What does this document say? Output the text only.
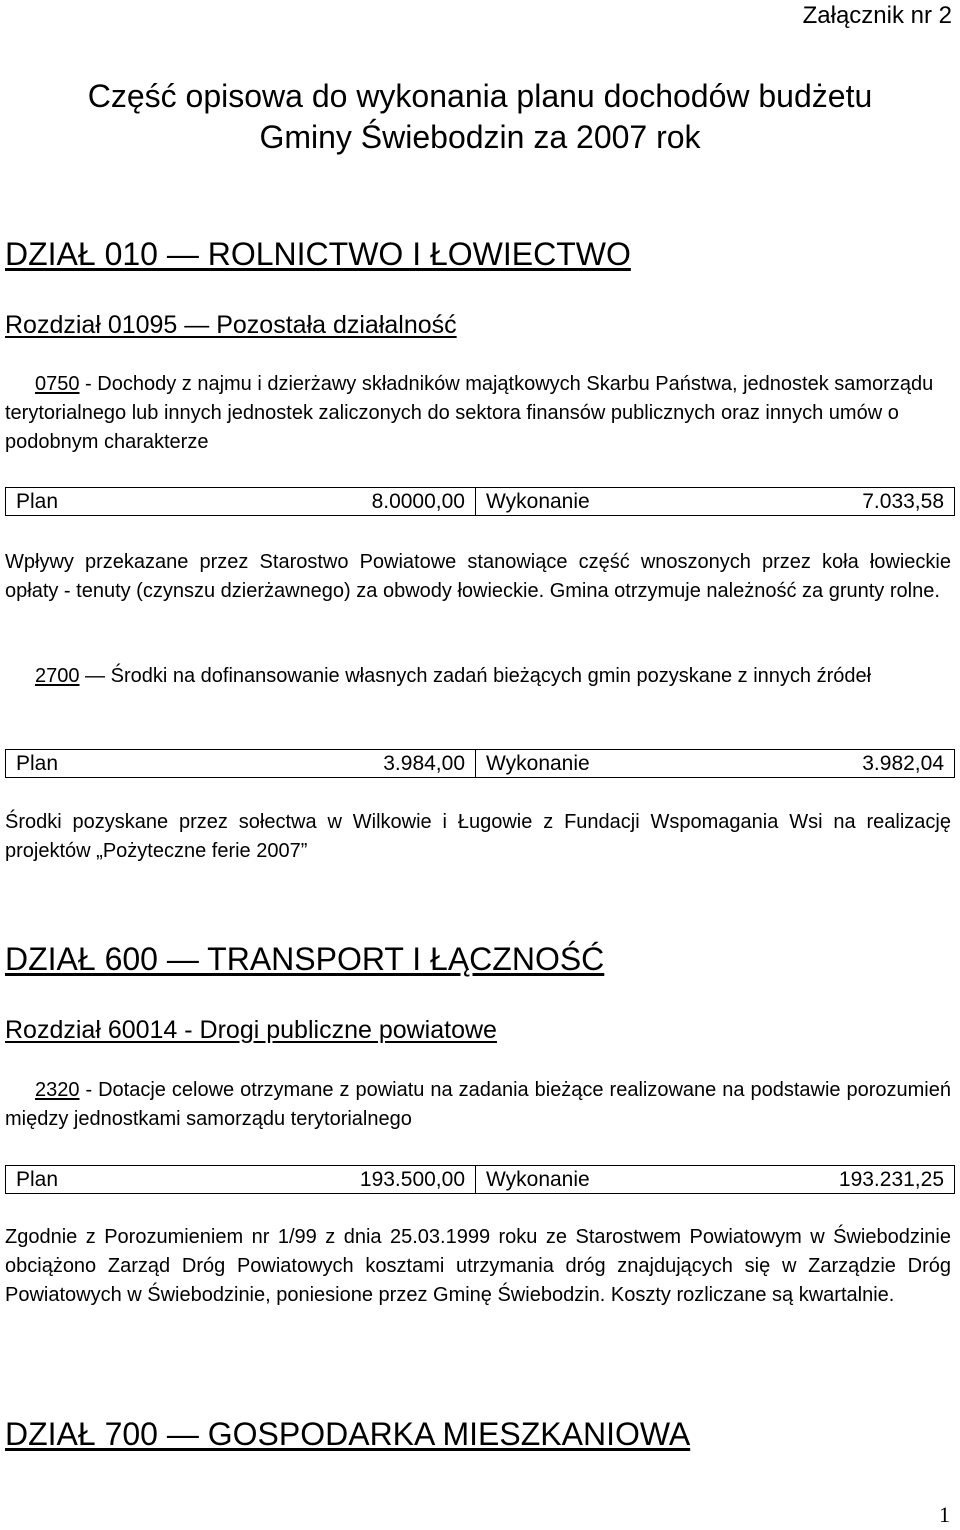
Załącznik nr 2
Część opisowa do wykonania planu dochodów budżetu
Gminy Świebodzin za 2007 rok
DZIAŁ 010 — ROLNICTWO I ŁOWIECTWO
Rozdział 01095 — Pozostała działalność
0750 - Dochody z najmu i dzierżawy składników majątkowych Skarbu Państwa, jednostek samorządu terytorialnego lub innych jednostek zaliczonych do sektora finansów publicznych oraz innych umów o podobnym charakterze
Plan	8.0000,00 Wykonanie	7.033,58
Wpływy przekazane przez Starostwo Powiatowe stanowiące część wnoszonych przez koła łowieckie opłaty - tenuty (czynszu dzierżawnego) za obwody łowieckie. Gmina otrzymuje należność za grunty rolne.
2700 — Środki na dofinansowanie własnych zadań bieżących gmin pozyskane z innych źródeł
Plan	3.984,00 Wykonanie	3.982,04
Środki pozyskane przez sołectwa w Wilkowie i Ługowie z Fundacji Wspomagania Wsi na realizację projektów „Pożyteczne ferie 2007”
DZIAŁ 600 — TRANSPORT I ŁĄCZNOŚĆ
Rozdział 60014 - Drogi publiczne powiatowe
2320 - Dotacje celowe otrzymane z powiatu na zadania bieżące realizowane na podstawie porozumień między jednostkami samorządu terytorialnego
Plan	193.500,00 Wykonanie	193.231,25
Zgodnie z Porozumieniem nr 1/99 z dnia 25.03.1999 roku ze Starostwem Powiatowym w Świebodzinie obciążono Zarząd Dróg Powiatowych kosztami utrzymania dróg znajdujących się w Zarządzie Dróg Powiatowych w Świebodzinie, poniesione przez Gminę Świebodzin. Koszty rozliczane są kwartalnie.
DZIAŁ 700 — GOSPODARKA MIESZKANIOWA
1
